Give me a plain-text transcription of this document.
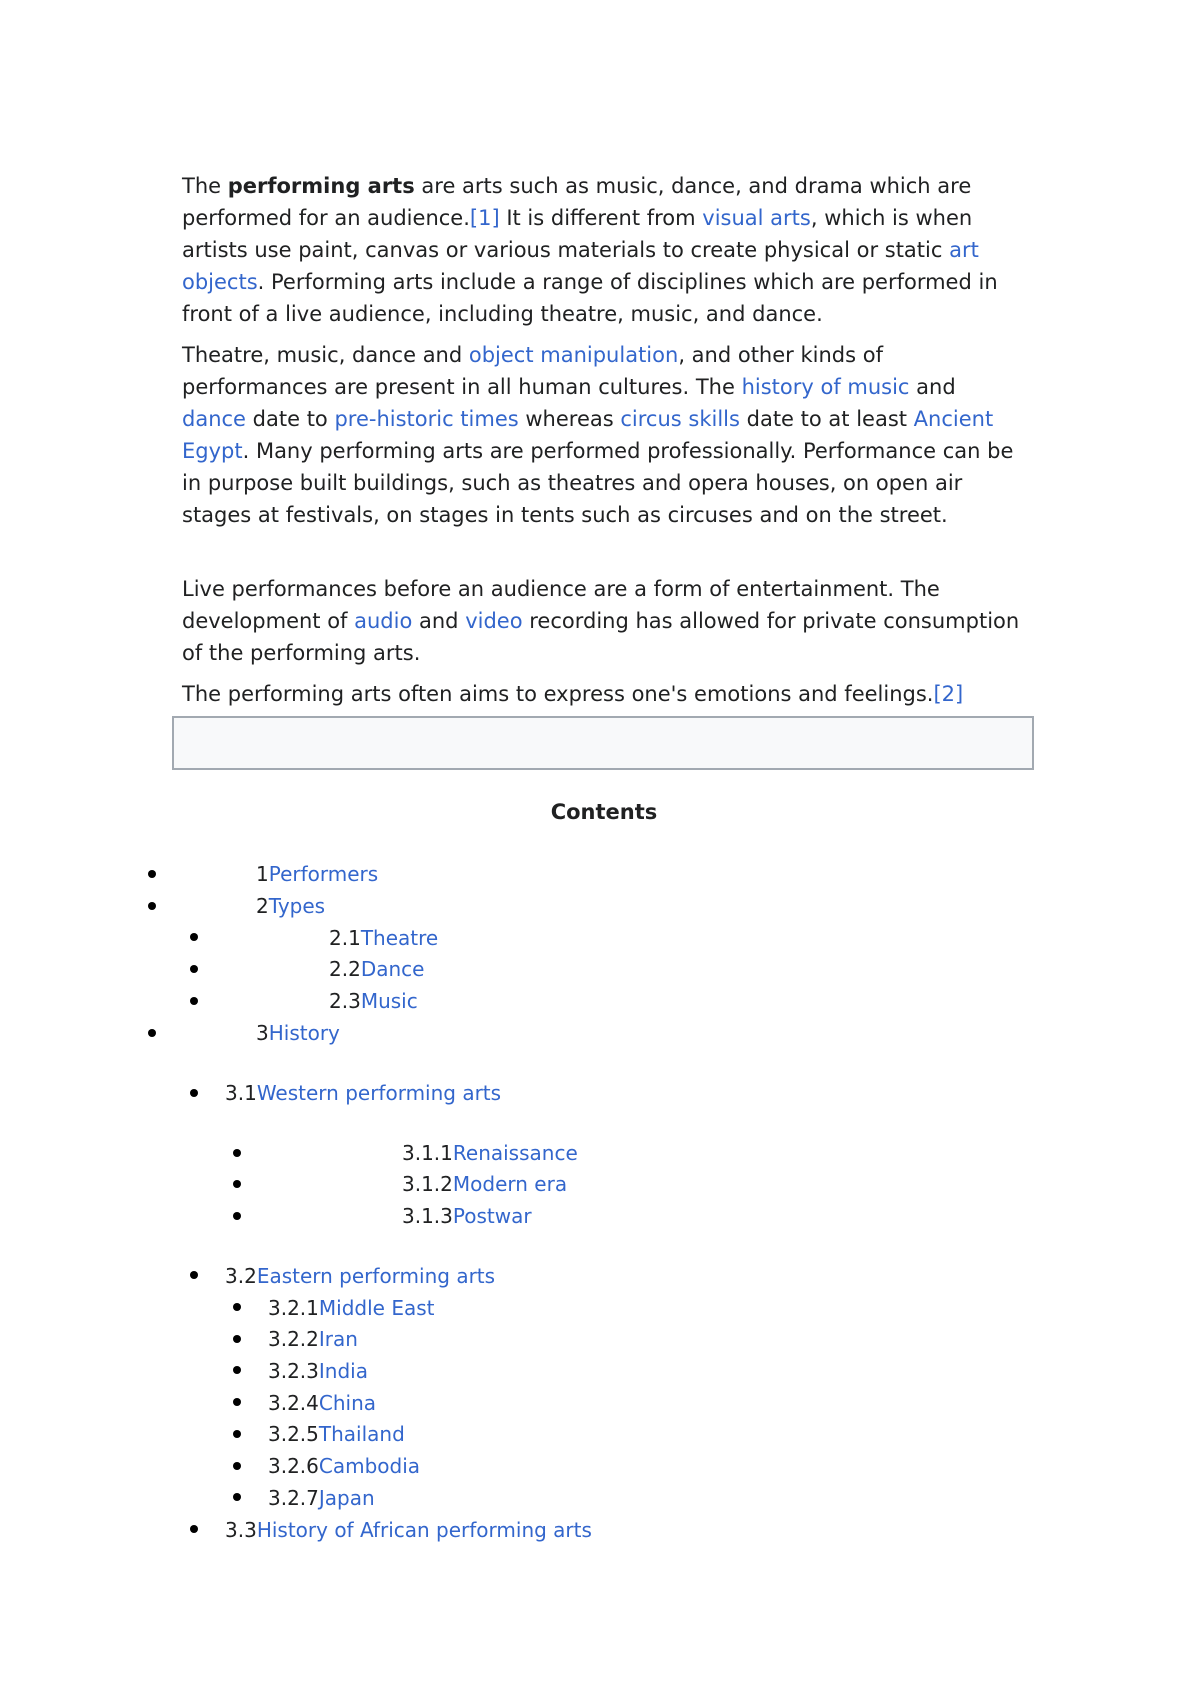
The performing arts are arts such as music, dance, and drama which are performed for an audience.[1] It is different from visual arts, which is when artists use paint, canvas or various materials to create physical or static art objects. Performing arts include a range of disciplines which are performed in front of a live audience, including theatre, music, and dance.

Theatre, music, dance and object manipulation, and other kinds of performances are present in all human cultures. The history of music and dance date to pre-historic times whereas circus skills date to at least Ancient Egypt. Many performing arts are performed professionally. Performance can be in purpose built buildings, such as theatres and opera houses, on open air stages at festivals, on stages in tents such as circuses and on the street.

Live performances before an audience are a form of entertainment. The development of audio and video recording has allowed for private consumption of the performing arts.

The performing arts often aims to express one's emotions and feelings.[2]

Contents
1Performers
2Types
2.1Theatre
2.2Dance
2.3Music
3History
3.1Western performing arts
3.1.1Renaissance
3.1.2Modern era
3.1.3Postwar
3.2Eastern performing arts
3.2.1Middle East
3.2.2Iran
3.2.3India
3.2.4China
3.2.5Thailand
3.2.6Cambodia
3.2.7Japan
3.3History of African performing arts
